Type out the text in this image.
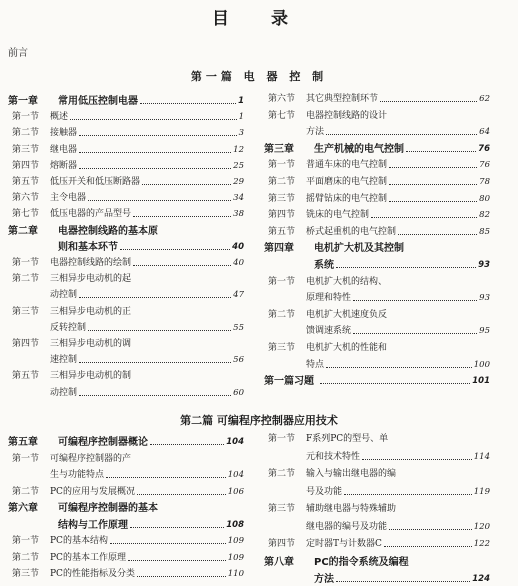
目 录
前言
第一篇 电 器 控 制
第一章	常用低压控制电器	1
第一节	概述	1
第二节	接触器	3
第三节	继电器	12
第四节	熔断器	25
第五节	低压开关和低压断路器	29
第六节	主令电器	34
第七节	低压电器的产品型号	38
第二章	电器控制线路的基本原
则和基本环节	40
第一节	电器控制线路的绘制	40
第二节	三相异步电动机的起
动控制	47
第三节	三相异步电动机的正
反转控制	55
第四节	三相异步电动机的调
速控制	56
第五节	三相异步电动机的制
动控制	60
第六节	其它典型控制环节	62
第七节	电器控制线路的设计
方法	64
第三章	生产机械的电气控制	76
第一节	普通车床的电气控制	76
第二节	平面磨床的电气控制	78
第三节	摇臂钻床的电气控制	80
第四节	铣床的电气控制	82
第五节	桥式起重机的电气控制	85
第四章	电机扩大机及其控制
系统	93
第一节	电机扩大机的结构、
原理和特性	93
第二节	电机扩大机速度负反
馈调速系统	95
第三节	电机扩大机的性能和
特点	100
第一篇习题	101
第二篇 可编程序控制器应用技术
第五章	可编程序控制器概论	104
第一节	可编程序控制器的产
生与功能特点	104
第二节	PC的应用与发展概况	106
第六章	可编程序控制器的基本
结构与工作原理	108
第一节	PC的基本结构	109
第二节	PC的基本工作原理	109
第三节	PC的性能指标及分类	110
第一节	F系列PC的型号、单
元和技术特性	114
第二节	输入与输出继电器的编
号及功能	119
第三节	辅助继电器与特殊辅助
继电器的编号及功能	120
第四节	定时器T与计数器C	122
第八章	PC的指令系统及编程
方法	124
